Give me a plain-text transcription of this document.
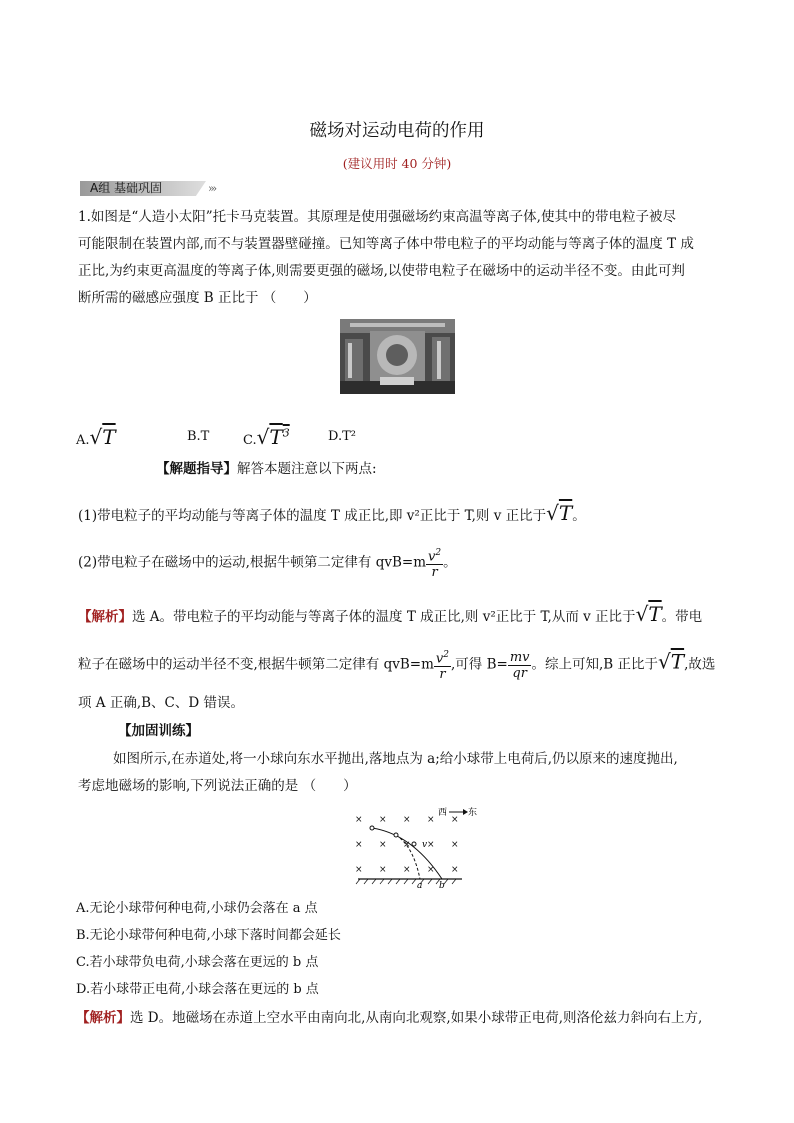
磁场对运动电荷的作用
(建议用时 40 分钟)
A组 基础巩固	›››
1.如图是“人造小太阳”托卡马克装置。其原理是使用强磁场约束高温等离子体,使其中的带电粒子被尽
可能限制在装置内部,而不与装置器壁碰撞。已知等离子体中带电粒子的平均动能与等离子体的温度 T 成
正比,为约束更高温度的等离子体,则需要更强的磁场,以使带电粒子在磁场中的运动半径不变。由此可判
断所需的磁感应强度 B 正比于 （　　）
A.√T	B.T	$C.√T^3$	D.T²
【解题指导】解答本题注意以下两点:
(1)带电粒子的平均动能与等离子体的温度 T 成正比,即 v²正比于 T,则 v 正比于√T。
(2)带电粒子在磁场中的运动,根据牛顿第二定律有 $qvB=m \frac{v^2}{r}$ 。
【解析】选 A。带电粒子的平均动能与等离子体的温度 T 成正比,则 v²正比于 T,从而 v 正比于√T。带电
粒子在磁场中的运动半径不变,根据牛顿第二定律有 $qvB=m \frac{v^2}{r}$ ,可得 $B= \frac{mv}{qr}$ 。综上可知,B 正比于√T,故选
项 A 正确,B、C、D 错误。
【加固训练】
如图所示,在赤道处,将一小球向东水平抛出,落地点为 a;给小球带上电荷后,仍以原来的速度抛出,
考虑地磁场的影响,下列说法正确的是 （　　）
× × × × ×
× × × × ×
× × × × ×
西 东
v
a b
A.无论小球带何种电荷,小球仍会落在 a 点
B.无论小球带何种电荷,小球下落时间都会延长
C.若小球带负电荷,小球会落在更远的 b 点
D.若小球带正电荷,小球会落在更远的 b 点
【解析】选 D。地磁场在赤道上空水平由南向北,从南向北观察,如果小球带正电荷,则洛伦兹力斜向右上方,
